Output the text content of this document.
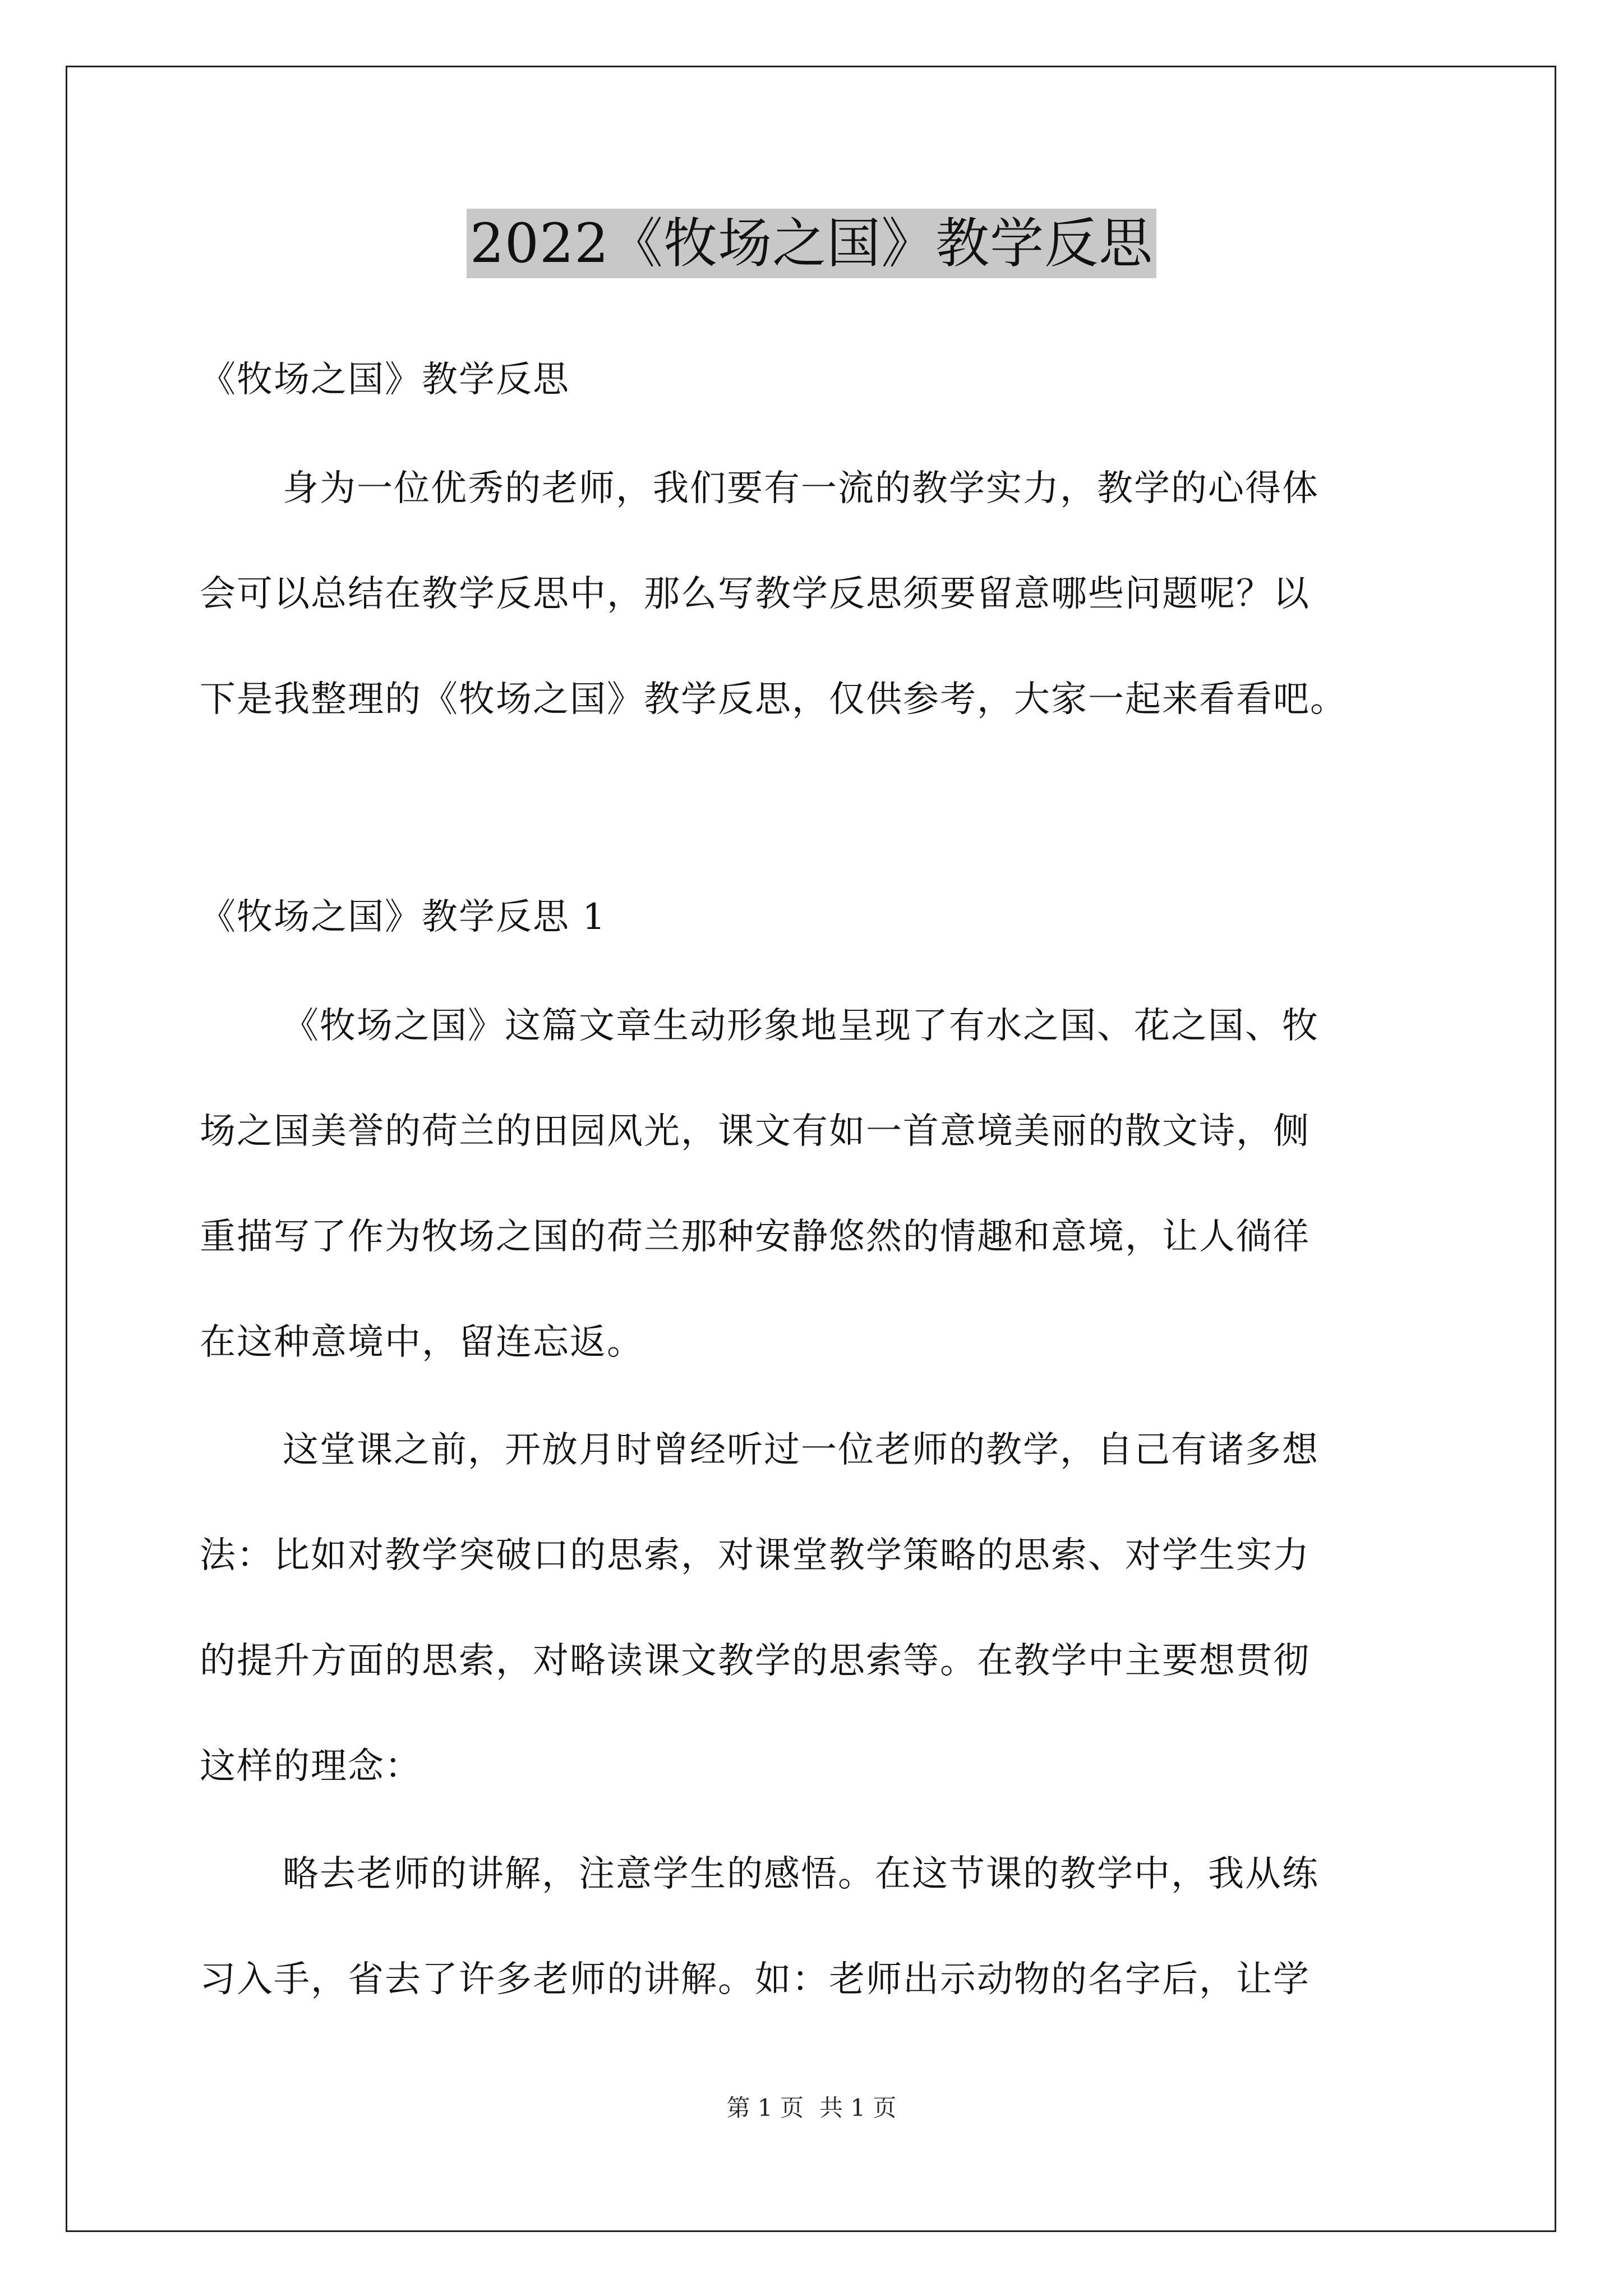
2022《牧场之国》教学反思
《牧场之国》教学反思
身为一位优秀的老师，我们要有一流的教学实力，教学的心得体
会可以总结在教学反思中，那么写教学反思须要留意哪些问题呢？以
下是我整理的《牧场之国》教学反思，仅供参考，大家一起来看看吧。
《牧场之国》教学反思 1
《牧场之国》这篇文章生动形象地呈现了有水之国、花之国、牧
场之国美誉的荷兰的田园风光，课文有如一首意境美丽的散文诗，侧
重描写了作为牧场之国的荷兰那种安静悠然的情趣和意境，让人徜徉
在这种意境中，留连忘返。
这堂课之前，开放月时曾经听过一位老师的教学，自己有诸多想
法：比如对教学突破口的思索，对课堂教学策略的思索、对学生实力
的提升方面的思索，对略读课文教学的思索等。在教学中主要想贯彻
这样的理念：
略去老师的讲解，注意学生的感悟。在这节课的教学中，我从练
习入手，省去了许多老师的讲解。如：老师出示动物的名字后，让学
第 1 页 共 1 页
